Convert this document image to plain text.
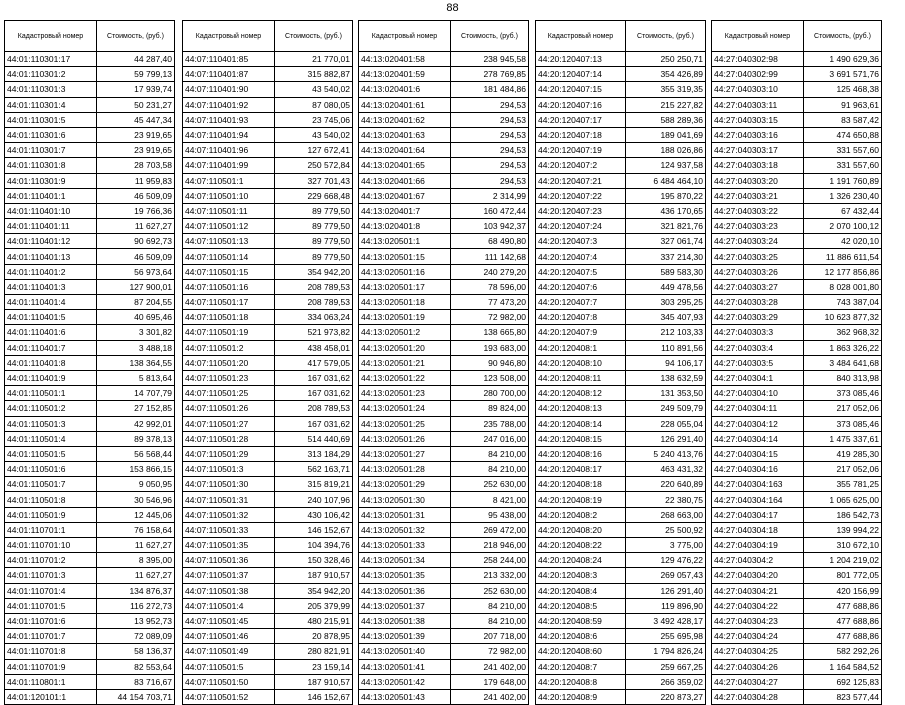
88
Кадастровый номер	Стоимость, (руб.)
44:01:110301:17	44 287,40
44:01:110301:2	59 799,13
44:01:110301:3	17 939,74
44:01:110301:4	50 231,27
44:01:110301:5	45 447,34
44:01:110301:6	23 919,65
44:01:110301:7	23 919,65
44:01:110301:8	28 703,58
44:01:110301:9	11 959,83
44:01:110401:1	46 509,09
44:01:110401:10	19 766,36
44:01:110401:11	11 627,27
44:01:110401:12	90 692,73
44:01:110401:13	46 509,09
44:01:110401:2	56 973,64
44:01:110401:3	127 900,01
44:01:110401:4	87 204,55
44:01:110401:5	40 695,46
44:01:110401:6	3 301,82
44:01:110401:7	3 488,18
44:01:110401:8	138 364,55
44:01:110401:9	5 813,64
44:01:110501:1	14 707,79
44:01:110501:2	27 152,85
44:01:110501:3	42 992,01
44:01:110501:4	89 378,13
44:01:110501:5	56 568,44
44:01:110501:6	153 866,15
44:01:110501:7	9 050,95
44:01:110501:8	30 546,96
44:01:110501:9	12 445,06
44:01:110701:1	76 158,64
44:01:110701:10	11 627,27
44:01:110701:2	8 395,00
44:01:110701:3	11 627,27
44:01:110701:4	134 876,37
44:01:110701:5	116 272,73
44:01:110701:6	13 952,73
44:01:110701:7	72 089,09
44:01:110701:8	58 136,37
44:01:110701:9	82 553,64
44:01:110801:1	83 716,67
44:01:120101:1	44 154 703,71
Кадастровый номер	Стоимость, (руб.)
44:07:110401:85	21 770,01
44:07:110401:87	315 882,87
44:07:110401:90	43 540,02
44:07:110401:92	87 080,05
44:07:110401:93	23 745,06
44:07:110401:94	43 540,02
44:07:110401:96	127 672,41
44:07:110401:99	250 572,84
44:07:110501:1	327 701,43
44:07:110501:10	229 668,48
44:07:110501:11	89 779,50
44:07:110501:12	89 779,50
44:07:110501:13	89 779,50
44:07:110501:14	89 779,50
44:07:110501:15	354 942,20
44:07:110501:16	208 789,53
44:07:110501:17	208 789,53
44:07:110501:18	334 063,24
44:07:110501:19	521 973,82
44:07:110501:2	438 458,01
44:07:110501:20	417 579,05
44:07:110501:23	167 031,62
44:07:110501:25	167 031,62
44:07:110501:26	208 789,53
44:07:110501:27	167 031,62
44:07:110501:28	514 440,69
44:07:110501:29	313 184,29
44:07:110501:3	562 163,71
44:07:110501:30	315 819,21
44:07:110501:31	240 107,96
44:07:110501:32	430 106,42
44:07:110501:33	146 152,67
44:07:110501:35	104 394,76
44:07:110501:36	150 328,46
44:07:110501:37	187 910,57
44:07:110501:38	354 942,20
44:07:110501:4	205 379,99
44:07:110501:45	480 215,91
44:07:110501:46	20 878,95
44:07:110501:49	280 821,91
44:07:110501:5	23 159,14
44:07:110501:50	187 910,57
44:07:110501:52	146 152,67
Кадастровый номер	Стоимость, (руб.)
44:13:020401:58	238 945,58
44:13:020401:59	278 769,85
44:13:020401:6	181 484,86
44:13:020401:61	294,53
44:13:020401:62	294,53
44:13:020401:63	294,53
44:13:020401:64	294,53
44:13:020401:65	294,53
44:13:020401:66	294,53
44:13:020401:67	2 314,99
44:13:020401:7	160 472,44
44:13:020401:8	103 942,37
44:13:020501:1	68 490,80
44:13:020501:15	111 142,68
44:13:020501:16	240 279,20
44:13:020501:17	78 596,00
44:13:020501:18	77 473,20
44:13:020501:19	72 982,00
44:13:020501:2	138 665,80
44:13:020501:20	193 683,00
44:13:020501:21	90 946,80
44:13:020501:22	123 508,00
44:13:020501:23	280 700,00
44:13:020501:24	89 824,00
44:13:020501:25	235 788,00
44:13:020501:26	247 016,00
44:13:020501:27	84 210,00
44:13:020501:28	84 210,00
44:13:020501:29	252 630,00
44:13:020501:30	8 421,00
44:13:020501:31	95 438,00
44:13:020501:32	269 472,00
44:13:020501:33	218 946,00
44:13:020501:34	258 244,00
44:13:020501:35	213 332,00
44:13:020501:36	252 630,00
44:13:020501:37	84 210,00
44:13:020501:38	84 210,00
44:13:020501:39	207 718,00
44:13:020501:40	72 982,00
44:13:020501:41	241 402,00
44:13:020501:42	179 648,00
44:13:020501:43	241 402,00
Кадастровый номер	Стоимость, (руб.)
44:20:120407:13	250 250,71
44:20:120407:14	354 426,89
44:20:120407:15	355 319,35
44:20:120407:16	215 227,82
44:20:120407:17	588 289,36
44:20:120407:18	189 041,69
44:20:120407:19	188 026,86
44:20:120407:2	124 937,58
44:20:120407:21	6 484 464,10
44:20:120407:22	195 870,22
44:20:120407:23	436 170,65
44:20:120407:24	321 821,76
44:20:120407:3	327 061,74
44:20:120407:4	337 214,30
44:20:120407:5	589 583,30
44:20:120407:6	449 478,56
44:20:120407:7	303 295,25
44:20:120407:8	345 407,93
44:20:120407:9	212 103,33
44:20:120408:1	110 891,56
44:20:120408:10	94 106,17
44:20:120408:11	138 632,59
44:20:120408:12	131 353,50
44:20:120408:13	249 509,79
44:20:120408:14	228 055,04
44:20:120408:15	126 291,40
44:20:120408:16	5 240 413,76
44:20:120408:17	463 431,32
44:20:120408:18	220 640,89
44:20:120408:19	22 380,75
44:20:120408:2	268 663,00
44:20:120408:20	25 500,92
44:20:120408:22	3 775,00
44:20:120408:24	129 476,22
44:20:120408:3	269 057,43
44:20:120408:4	126 291,40
44:20:120408:5	119 896,90
44:20:120408:59	3 492 428,17
44:20:120408:6	255 695,98
44:20:120408:60	1 794 826,24
44:20:120408:7	259 667,25
44:20:120408:8	266 359,02
44:20:120408:9	220 873,27
Кадастровый номер	Стоимость, (руб.)
44:27:040302:98	1 490 629,36
44:27:040302:99	3 691 571,76
44:27:040303:10	125 468,38
44:27:040303:11	91 963,61
44:27:040303:15	83 587,42
44:27:040303:16	474 650,88
44:27:040303:17	331 557,60
44:27:040303:18	331 557,60
44:27:040303:20	1 191 760,89
44:27:040303:21	1 326 230,40
44:27:040303:22	67 432,44
44:27:040303:23	2 070 100,12
44:27:040303:24	42 020,10
44:27:040303:25	11 886 611,54
44:27:040303:26	12 177 856,86
44:27:040303:27	8 028 001,80
44:27:040303:28	743 387,04
44:27:040303:29	10 623 877,32
44:27:040303:3	362 968,32
44:27:040303:4	1 863 326,22
44:27:040303:5	3 484 641,68
44:27:040304:1	840 313,98
44:27:040304:10	373 085,46
44:27:040304:11	217 052,06
44:27:040304:12	373 085,46
44:27:040304:14	1 475 337,61
44:27:040304:15	419 285,30
44:27:040304:16	217 052,06
44:27:040304:163	355 781,25
44:27:040304:164	1 065 625,00
44:27:040304:17	186 542,73
44:27:040304:18	139 994,22
44:27:040304:19	310 672,10
44:27:040304:2	1 204 219,02
44:27:040304:20	801 772,05
44:27:040304:21	420 156,99
44:27:040304:22	477 688,86
44:27:040304:23	477 688,86
44:27:040304:24	477 688,86
44:27:040304:25	582 292,26
44:27:040304:26	1 164 584,52
44:27:040304:27	692 125,83
44:27:040304:28	823 577,44
